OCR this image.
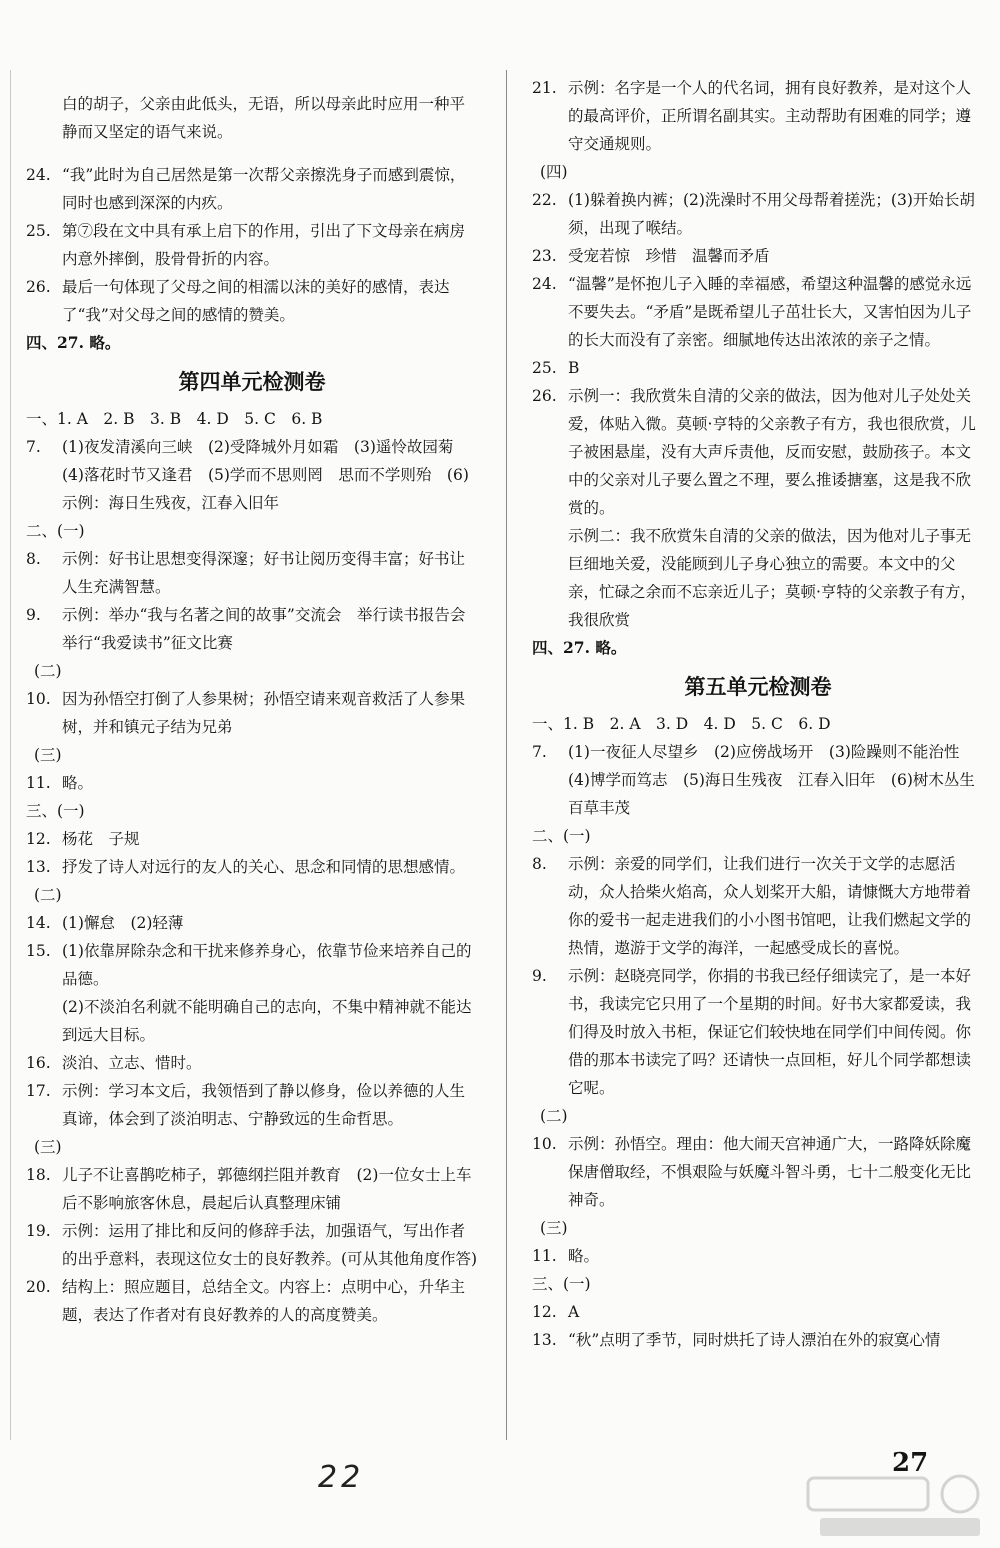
白的胡子，父亲由此低头，无语，所以母亲此时应用一种平静而又坚定的语气来说。

24. “我”此时为自己居然是第一次帮父亲擦洗身子而感到震惊，同时也感到深深的内疚。

25. 第⑦段在文中具有承上启下的作用，引出了下文母亲在病房内意外摔倒，股骨骨折的内容。

26. 最后一句体现了父母之间的相濡以沫的美好的感情，表达了“我”对父母之间的感情的赞美。

四、27. 略。

第四单元检测卷

一、1. A　2. B　3. B　4. D　5. C　6. B

7. (1)夜发清溪向三峡　(2)受降城外月如霜　(3)遥怜故园菊　(4)落花时节又逢君　(5)学而不思则罔　思而不学则殆　(6)示例：海日生残夜，江春入旧年

二、(一)

8. 示例：好书让思想变得深邃；好书让阅历变得丰富；好书让人生充满智慧。

9. 示例：举办“我与名著之间的故事”交流会　举行读书报告会　举行“我爱读书”征文比赛

(二)

10. 因为孙悟空打倒了人参果树；孙悟空请来观音救活了人参果树，并和镇元子结为兄弟

(三)

11. 略。

三、(一)

12. 杨花　子规

13. 抒发了诗人对远行的友人的关心、思念和同情的思想感情。

(二)

14. (1)懈怠　(2)轻薄

15. (1)依靠屏除杂念和干扰来修养身心，依靠节俭来培养自己的品德。

(2)不淡泊名利就不能明确自己的志向，不集中精神就不能达到远大目标。

16. 淡泊、立志、惜时。

17. 示例：学习本文后，我领悟到了静以修身，俭以养德的人生真谛，体会到了淡泊明志、宁静致远的生命哲思。

(三)

18. 儿子不让喜鹊吃柿子，郭德纲拦阻并教育　(2)一位女士上车后不影响旅客休息，晨起后认真整理床铺

19. 示例：运用了排比和反问的修辞手法，加强语气，写出作者的出乎意料，表现这位女士的良好教养。(可从其他角度作答)

20. 结构上：照应题目，总结全文。内容上：点明中心，升华主题，表达了作者对有良好教养的人的高度赞美。

21. 示例：名字是一个人的代名词，拥有良好教养，是对这个人的最高评价，正所谓名副其实。主动帮助有困难的同学；遵守交通规则。

(四)

22. (1)躲着换内裤；(2)洗澡时不用父母帮着搓洗；(3)开始长胡须，出现了喉结。

23. 受宠若惊　珍惜　温馨而矛盾

24. “温馨”是怀抱儿子入睡的幸福感，希望这种温馨的感觉永远不要失去。“矛盾”是既希望儿子茁壮长大，又害怕因为儿子的长大而没有了亲密。细腻地传达出浓浓的亲子之情。

25. B

26. 示例一：我欣赏朱自清的父亲的做法，因为他对儿子处处关爱，体贴入微。莫顿·亨特的父亲教子有方，我也很欣赏，儿子被困悬崖，没有大声斥责他，反而安慰，鼓励孩子。本文中的父亲对儿子要么置之不理，要么推诿搪塞，这是我不欣赏的。

示例二：我不欣赏朱自清的父亲的做法，因为他对儿子事无巨细地关爱，没能顾到儿子身心独立的需要。本文中的父亲，忙碌之余而不忘亲近儿子；莫顿·亨特的父亲教子有方，我很欣赏

四、27. 略。

第五单元检测卷

一、1. B　2. A　3. D　4. D　5. C　6. D

7. (1)一夜征人尽望乡　(2)应傍战场开　(3)险躁则不能治性　(4)博学而笃志　(5)海日生残夜　江春入旧年　(6)树木丛生　百草丰茂

二、(一)

8. 示例：亲爱的同学们，让我们进行一次关于文学的志愿活动，众人拾柴火焰高，众人划桨开大船，请慷慨大方地带着你的爱书一起走进我们的小小图书馆吧，让我们燃起文学的热情，遨游于文学的海洋，一起感受成长的喜悦。

9. 示例：赵晓亮同学，你捐的书我已经仔细读完了，是一本好书，我读完它只用了一个星期的时间。好书大家都爱读，我们得及时放入书柜，保证它们较快地在同学们中间传阅。你借的那本书读完了吗？还请快一点回柜，好儿个同学都想读它呢。

(二)

10. 示例：孙悟空。理由：他大闹天宫神通广大，一路降妖除魔保唐僧取经，不惧艰险与妖魔斗智斗勇，七十二般变化无比神奇。

(三)

11. 略。

三、(一)

12. A

13. “秋”点明了季节，同时烘托了诗人漂泊在外的寂寞心情

22	27
